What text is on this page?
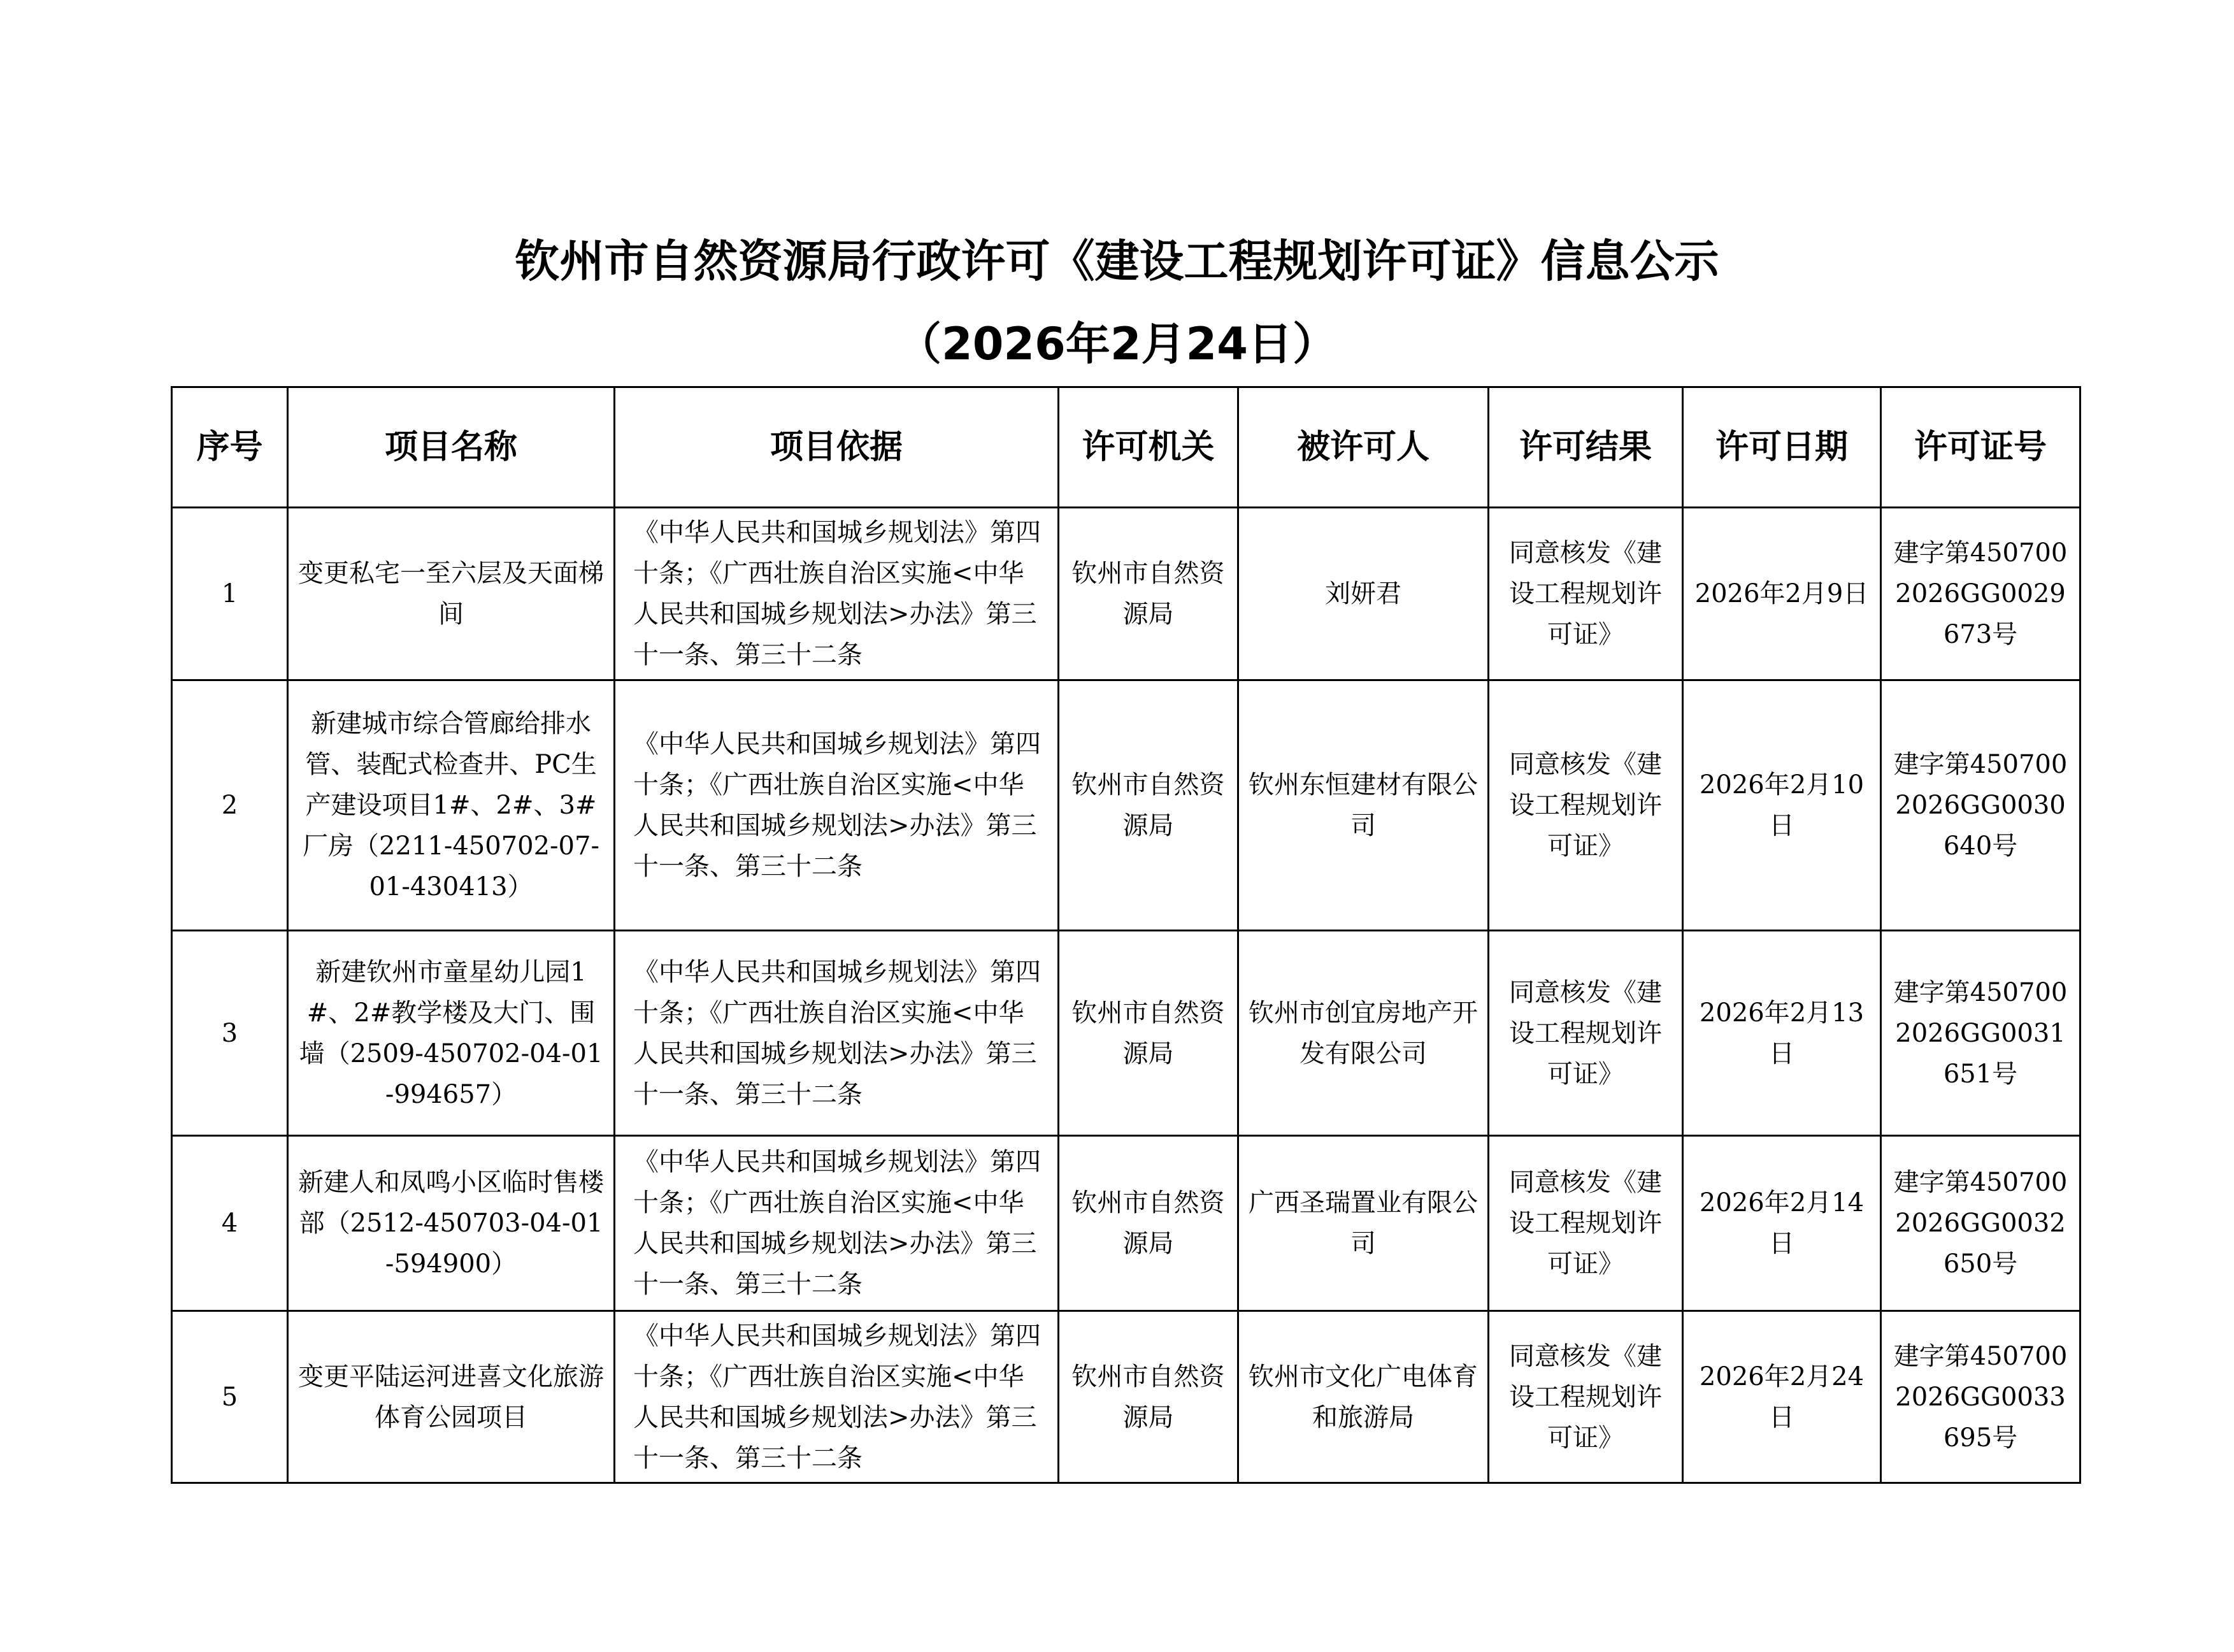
钦州市自然资源局行政许可《建设工程规划许可证》信息公示
（2026年2月24日）
序号	项目名称	项目依据	许可机关	被许可人	许可结果	许可日期	许可证号
1	变更私宅一至六层及天面梯间	《中华人民共和国城乡规划法》第四十条；《广西壮族自治区实施<中华人民共和国城乡规划法>办法》第三十一条、第三十二条	钦州市自然资源局	刘妍君	同意核发《建设工程规划许可证》	2026年2月9日	建字第4507002026GG0029673号
2	新建城市综合管廊给排水管、装配式检查井、PC生产建设项目1#、2#、3#厂房（2211-450702-07-01-430413）	《中华人民共和国城乡规划法》第四十条；《广西壮族自治区实施<中华人民共和国城乡规划法>办法》第三十一条、第三十二条	钦州市自然资源局	钦州东恒建材有限公司	同意核发《建设工程规划许可证》	2026年2月10日	建字第4507002026GG0030640号
3	新建钦州市童星幼儿园1#、2#教学楼及大门、围墙（2509-450702-04-01-994657）	《中华人民共和国城乡规划法》第四十条；《广西壮族自治区实施<中华人民共和国城乡规划法>办法》第三十一条、第三十二条	钦州市自然资源局	钦州市创宜房地产开发有限公司	同意核发《建设工程规划许可证》	2026年2月13日	建字第4507002026GG0031651号
4	新建人和凤鸣小区临时售楼部（2512-450703-04-01-594900）	《中华人民共和国城乡规划法》第四十条；《广西壮族自治区实施<中华人民共和国城乡规划法>办法》第三十一条、第三十二条	钦州市自然资源局	广西圣瑞置业有限公司	同意核发《建设工程规划许可证》	2026年2月14日	建字第4507002026GG0032650号
5	变更平陆运河进喜文化旅游体育公园项目	《中华人民共和国城乡规划法》第四十条；《广西壮族自治区实施<中华人民共和国城乡规划法>办法》第三十一条、第三十二条	钦州市自然资源局	钦州市文化广电体育和旅游局	同意核发《建设工程规划许可证》	2026年2月24日	建字第4507002026GG0033695号
